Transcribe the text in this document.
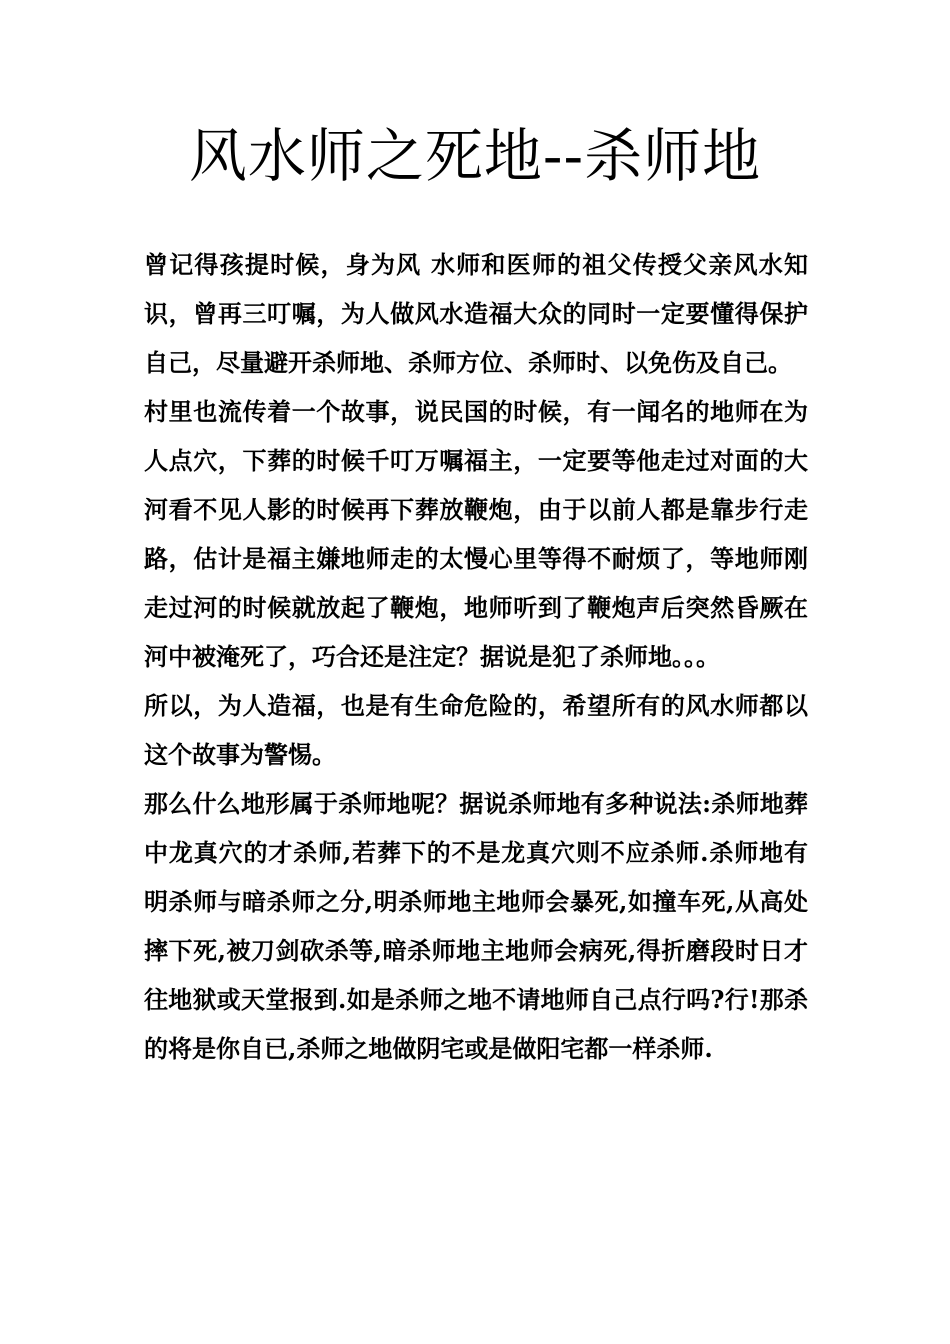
风水师之死地--杀师地

曾记得孩提时候，身为风 水师和医师的祖父传授父亲风水知识，曾再三叮嘱，为人做风水造福大众的同时一定要懂得保护自己，尽量避开杀师地、杀师方位、杀师时、以免伤及自己。

村里也流传着一个故事，说民国的时候，有一闻名的地师在为人点穴，下葬的时候千叮万嘱福主，一定要等他走过对面的大河看不见人影的时候再下葬放鞭炮，由于以前人都是靠步行走路，估计是福主嫌地师走的太慢心里等得不耐烦了，等地师刚走过河的时候就放起了鞭炮，地师听到了鞭炮声后突然昏厥在河中被淹死了，巧合还是注定？据说是犯了杀师地。。。

所以，为人造福，也是有生命危险的，希望所有的风水师都以这个故事为警惕。

那么什么地形属于杀师地呢？据说杀师地有多种说法:杀师地葬中龙真穴的才杀师,若葬下的不是龙真穴则不应杀师.杀师地有明杀师与暗杀师之分,明杀师地主地师会暴死,如撞车死,从高处摔下死,被刀剑砍杀等,暗杀师地主地师会病死,得折磨段时日才往地狱或天堂报到.如是杀师之地不请地师自己点行吗?行!那杀的将是你自已,杀师之地做阴宅或是做阳宅都一样杀师.
